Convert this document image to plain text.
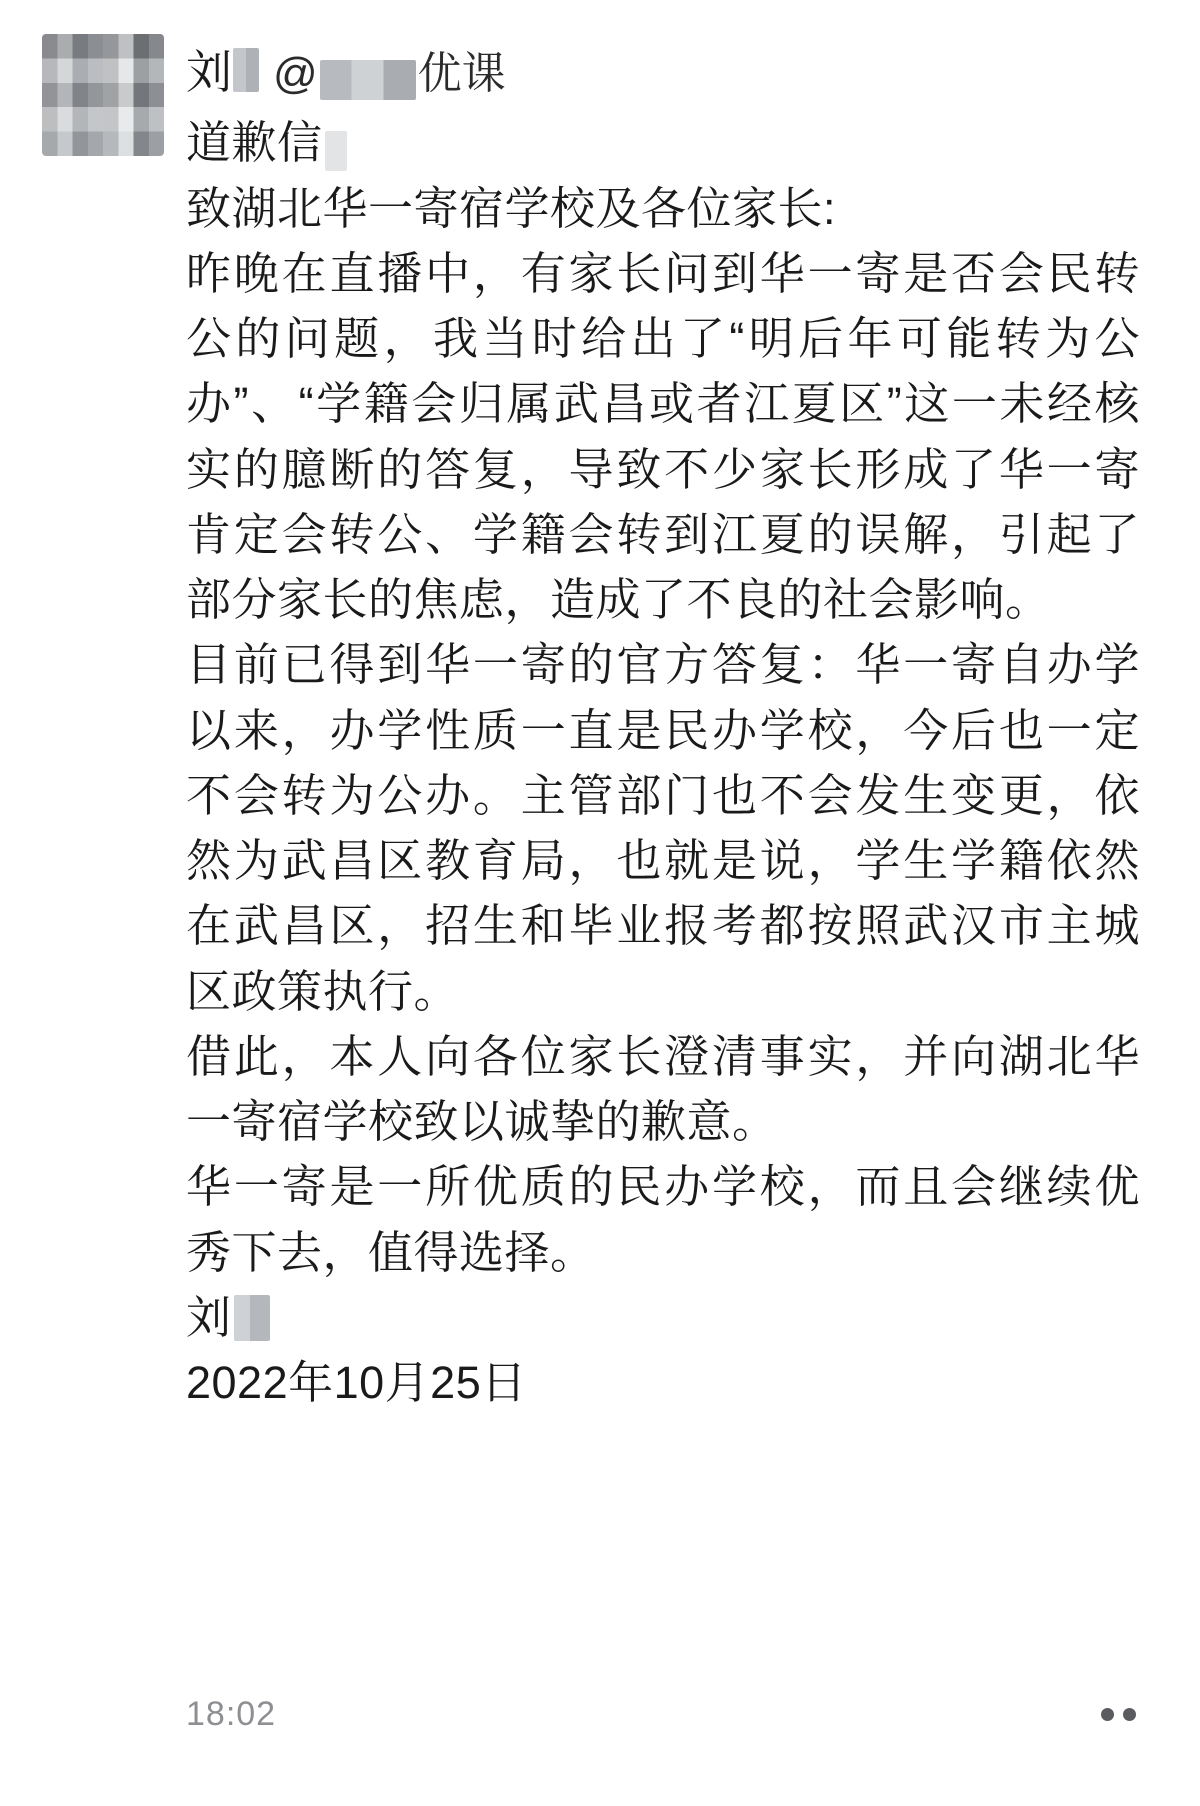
刘 @ 优课

道歉信

致湖北华一寄宿学校及各位家长:

昨晚在直播中，有家长问到华一寄是否会民转公的问题，我当时给出了“明后年可能转为公办”、“学籍会归属武昌或者江夏区”这一未经核实的臆断的答复，导致不少家长形成了华一寄肯定会转公、学籍会转到江夏的误解，引起了部分家长的焦虑，造成了不良的社会影响。

目前已得到华一寄的官方答复：华一寄自办学以来，办学性质一直是民办学校，今后也一定不会转为公办。主管部门也不会发生变更，依然为武昌区教育局，也就是说，学生学籍依然在武昌区，招生和毕业报考都按照武汉市主城区政策执行。

借此，本人向各位家长澄清事实，并向湖北华一寄宿学校致以诚挚的歉意。

华一寄是一所优质的民办学校，而且会继续优秀下去，值得选择。

刘

2022年10月25日

18:02
